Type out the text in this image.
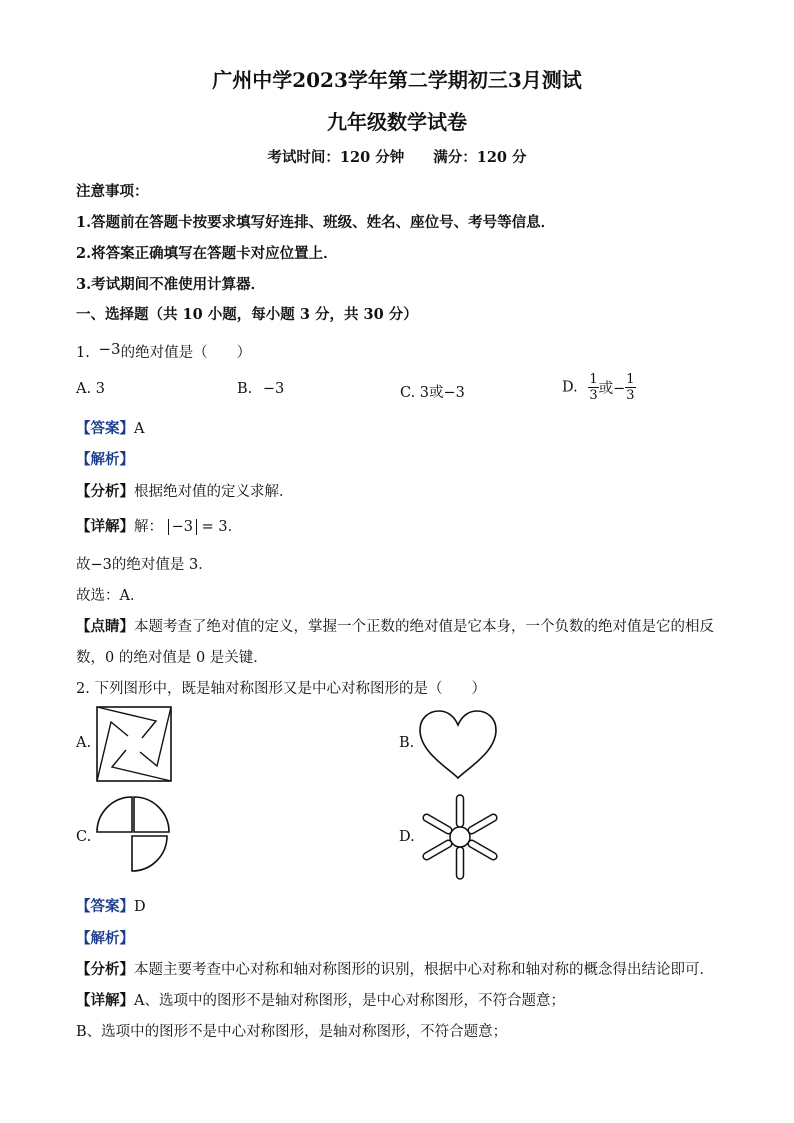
广州中学2023学年第二学期初三3月测试
九年级数学试卷
考试时间：120 分钟　　满分：120 分
注意事项：
1.答题前在答题卡按要求填写好连排、班级、姓名、座位号、考号等信息．
2.将答案正确填写在答题卡对应位置上．
3.考试期间不准使用计算器．
一、选择题（共 10 小题，每小题 3 分，共 30 分）
1. −3的绝对值是（　　）
A. 3	B. −3	C. 3或−3	D. $\frac{1}{3}$ 或− $\frac{1}{3}$
【答案】A
【解析】
【分析】根据绝对值的定义求解．
【详解】解： −3 = 3．
故−3的绝对值是 3．
故选：A．
【点睛】本题考查了绝对值的定义，掌握一个正数的绝对值是它本身，一个负数的绝对值是它的相反
数，0 的绝对值是 0 是关键．
2. 下列图形中，既是轴对称图形又是中心对称图形的是（　　）
A.	B.
C.	D.
【答案】D
【解析】
【分析】本题主要考查中心对称和轴对称图形的识别，根据中心对称和轴对称的概念得出结论即可．
【详解】A、选项中的图形不是轴对称图形，是中心对称图形，不符合题意；
B、选项中的图形不是中心对称图形，是轴对称图形，不符合题意；
